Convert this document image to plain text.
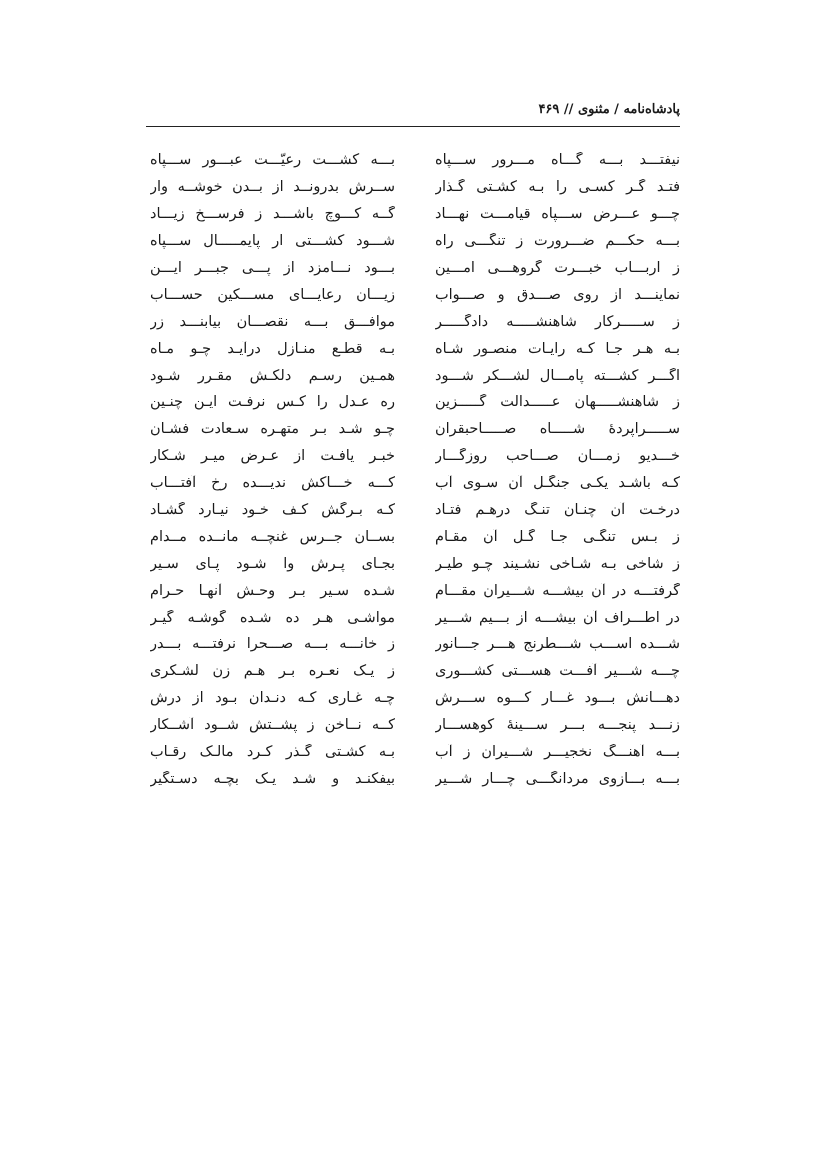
پادشاه‌نامه / مثنوی // ۴۶۹
نیفتـــد بـــه گـــاه مـــرور ســـپاه
بـــه کشـــت رعیّـــت عبـــور ســـپاه
فتـد گـر کسـی را بـه کشـتی گـذار
ســرش بدرونــد از بــدن خوشــه وار
چـــو عـــرض ســـپاه قیامـــت نهـــاد
گــه کـــوچ باشـــد ز فرســـخ زیـــاد
بـــه حکـــم ضـــرورت ز تنگـــی راه
شـــود کشـــتی ار پایمـــــال ســـپاه
ز اربـــاب خبـــرت گروهـــی امـــین
بـــود نـــامزد از پـــی جبـــر ایـــن
نماینـــد از روی صـــدق و صـــواب
زیـــان رعایـــای مســـکین حســـاب
ز ســـــرکار شاهنشـــــه دادگـــــر
موافـــق بـــه نقصـــان بیابنـــد زر
بـه هـر جـا کـه رایـات منصـور شـاه
بـه قطـع منـازل درآیـد چـو مـاه
اگـــر کشـــته پامـــال لشـــکر شـــود
همـین رسـم دلکـش مقـرر شـود
ز شاهنشـــــهان عـــــدالت گـــــزین
ره عـدل را کـس نرفـت ایـن چنـین
ســـــراپردهٔ شـــــاه صـــــاحبقران
چـو شـد بـر متهـره سـعادت فشـان
خـــدیو زمـــان صـــاحب روزگـــار
خبـر یافـت از عـرض میـر شـکار
کـه باشـد یکـی جنگـل آن سـوی آب
کـــه خـــاکش ندیـــده رخ آفتـــاب
درخـت آن چنـان تنـگ درهـم فتـاد
کـه بـرگش کـف خـود نیـارد گشـاد
ز بـس تنگـی جـا گـل آن مقـام
بســان جــرس غنچــه مانــده مــدام
ز شاخی بـه شـاخی نشـیند چـو طیـر
بجـای پـرش وا شـود پـای سـیر
گرفتـــه در آن بیشـــه شـــیران مقـــام
شـده سـیر بـر وحـش آنهـا حـرام
در اطـــراف آن بیشـــه از بـــیم شـــیر
مواشـی هـر ده شـده گوشـه گیـر
شـــده اســـب شـــطرنج هـــر جـــانور
ز خانـــه بـــه صـــحرا نرفتـــه بـــدر
چـــه شـــیر آفـــت هســـتی کشـــوری
ز یـک نعـره بـر هـم زن لشـکری
دهـــانش بـــود غـــار کـــوه ســـرش
چـه غـاری کـه دنـدان بـود از درش
زنـــد پنجـــه بـــر ســـینهٔ کوهســـار
کــه نــاخن ز پشــتش شــود آشــکار
بـــه آهنـــگ نخجیـــر شـــیران ز آب
بـه کشـتی گـذر کـرد مالـک رقـاب
بـــه بـــازوی مردانگـــی چـــار شـــیر
بیفکنـد و شـد یـک بچـه دسـتگیر
